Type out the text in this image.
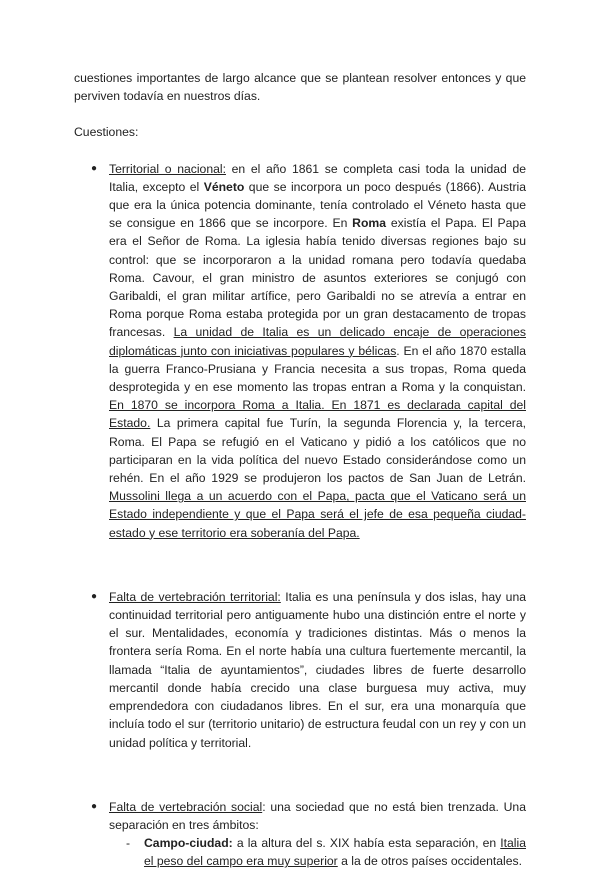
cuestiones importantes de largo alcance que se plantean resolver entonces y que perviven todavía en nuestros días.

Cuestiones:

● Territorial o nacional: en el año 1861 se completa casi toda la unidad de Italia, excepto el Véneto que se incorpora un poco después (1866). Austria que era la única potencia dominante, tenía controlado el Véneto hasta que se consigue en 1866 que se incorpore. En Roma existía el Papa. El Papa era el Señor de Roma. La iglesia había tenido diversas regiones bajo su control: que se incorporaron a la unidad romana pero todavía quedaba Roma. Cavour, el gran ministro de asuntos exteriores se conjugó con Garibaldi, el gran militar artífice, pero Garibaldi no se atrevía a entrar en Roma porque Roma estaba protegida por un gran destacamento de tropas francesas. La unidad de Italia es un delicado encaje de operaciones diplomáticas junto con iniciativas populares y bélicas. En el año 1870 estalla la guerra Franco-Prusiana y Francia necesita a sus tropas, Roma queda desprotegida y en ese momento las tropas entran a Roma y la conquistan. En 1870 se incorpora Roma a Italia. En 1871 es declarada capital del Estado. La primera capital fue Turín, la segunda Florencia y, la tercera, Roma. El Papa se refugió en el Vaticano y pidió a los católicos que no participaran en la vida política del nuevo Estado considerándose como un rehén. En el año 1929 se produjeron los pactos de San Juan de Letrán. Mussolini llega a un acuerdo con el Papa, pacta que el Vaticano será un Estado independiente y que el Papa será el jefe de esa pequeña ciudad-estado y ese territorio era soberanía del Papa.
● Falta de vertebración territorial: Italia es una península y dos islas, hay una continuidad territorial pero antiguamente hubo una distinción entre el norte y el sur. Mentalidades, economía y tradiciones distintas. Más o menos la frontera sería Roma. En el norte había una cultura fuertemente mercantil, la llamada “Italia de ayuntamientos”, ciudades libres de fuerte desarrollo mercantil donde había crecido una clase burguesa muy activa, muy emprendedora con ciudadanos libres. En el sur, era una monarquía que incluía todo el sur (territorio unitario) de estructura feudal con un rey y con un unidad política y territorial.
● Falta de vertebración social: una sociedad que no está bien trenzada. Una separación en tres ámbitos:
- Campo-ciudad: a la altura del s. XIX había esta separación, en Italia el peso del campo era muy superior a la de otros países occidentales.
